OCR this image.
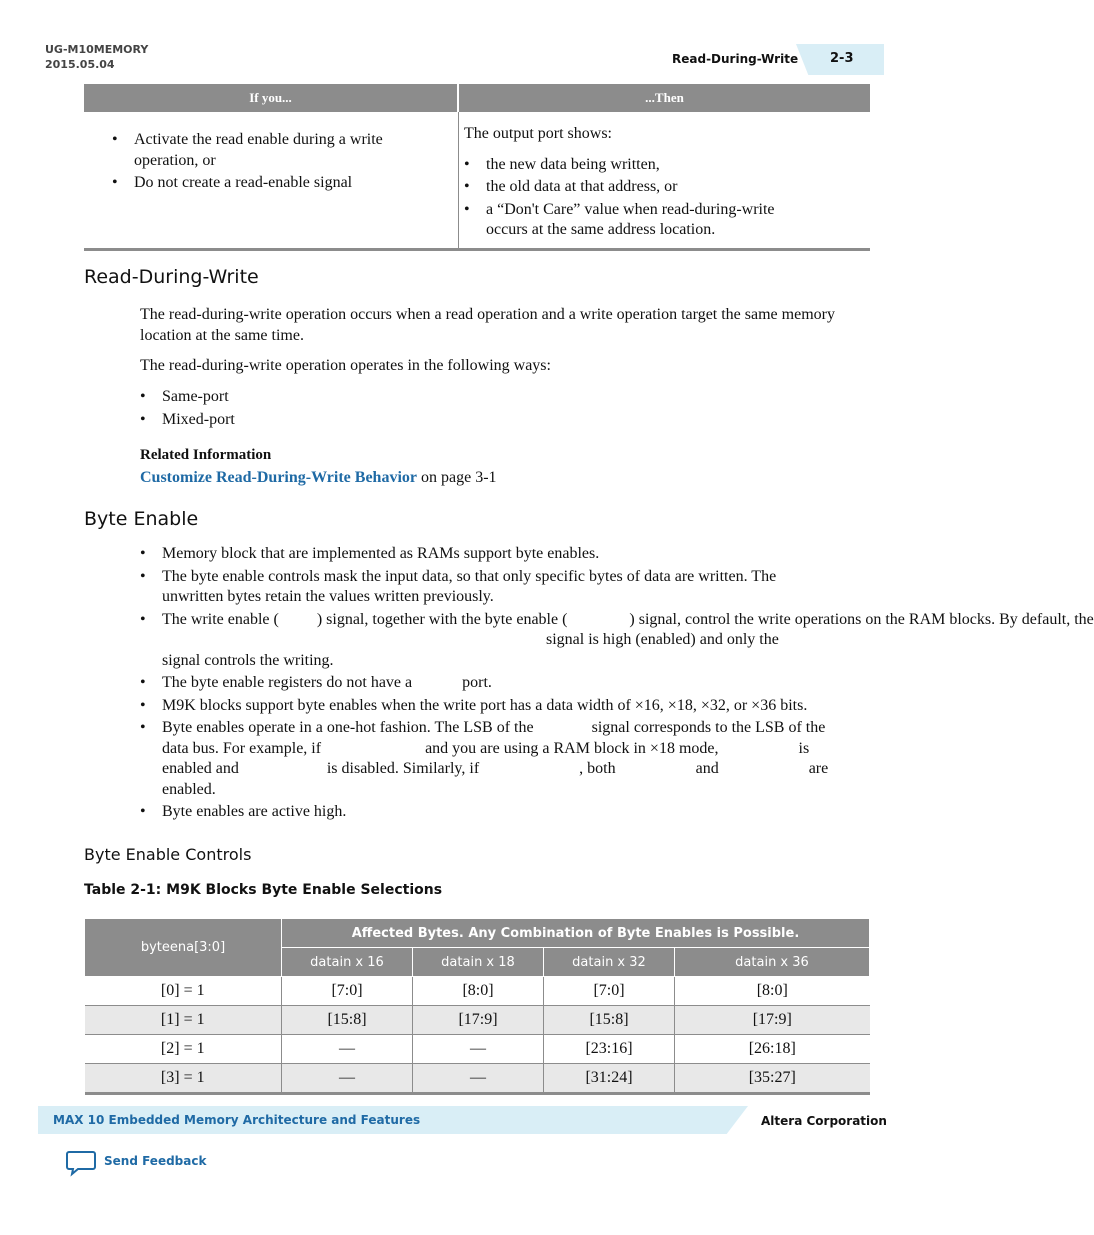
UG-M10MEMORY
2015.05.04	Read-During-Write 2-3
If you...	...Then
• Activate the read enable during a write operation, or
• Do not create a read-enable signal

The output port shows:

• the new data being written,
• the old data at that address, or
• a “Don't Care” value when read-during-write occurs at the same address location.
Read-During-Write

The read-during-write operation occurs when a read operation and a write operation target the same memory location at the same time.

The read-during-write operation operates in the following ways:

• Same-port
• Mixed-port
Related Information
Customize Read-During-Write Behavior on page 3-1
Byte Enable
• Memory block that are implemented as RAMs support byte enables.
• The byte enable controls mask the input data, so that only specific bytes of data are written. The unwritten bytes retain the values written previously.
• The write enable ( ) signal, together with the byte enable (	) signal, control the write operations on the RAM blocks. By default, the
signal is high (enabled) and only the
signal controls the writing.
• The byte enable registers do not have a	port.
• M9K blocks support byte enables when the write port has a data width of ×16, ×18, ×32, or ×36 bits.
• Byte enables operate in a one-hot fashion. The LSB of the	signal corresponds to the LSB of the
data bus. For example, if	and you are using a RAM block in ×18 mode,	is
enabled and	is disabled. Similarly, if	, both	and	are
enabled.
• Byte enables are active high.
Byte Enable Controls
Table 2-1: M9K Blocks Byte Enable Selections
byteena[3:0]	Affected Bytes. Any Combination of Byte Enables is Possible.			
	datain x 16	datain x 18	datain x 32	datain x 36
[0] = 1	[7:0]	[8:0]	[7:0]	[8:0]
[1] = 1	[15:8]	[17:9]	[15:8]	[17:9]
[2] = 1	—	—	[23:16]	[26:18]
[3] = 1	—	—	[31:24]	[35:27]
MAX 10 Embedded Memory Architecture and Features	Altera Corporation
Send Feedback
